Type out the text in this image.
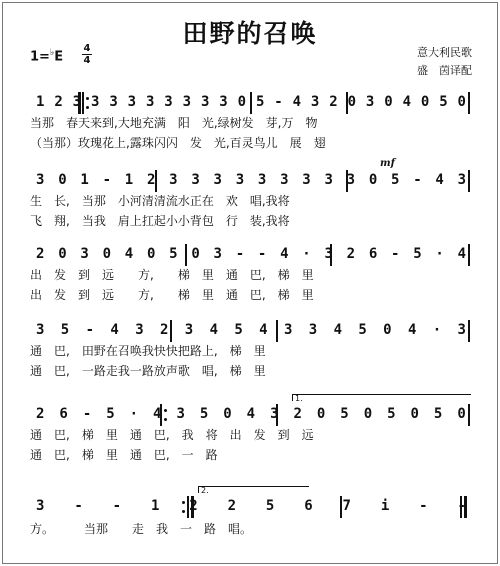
田野的召唤
1=♭E
4
4
意大利民歌
盛　茵译配
当那　春天来到,大地充满　阳　光,绿树发　芽,万　物
（当那）玫瑰花上,露珠闪闪　发　光,百灵鸟儿　展　翅
mf
生　长,　当那　小河清清流水正在　欢　唱,我将
飞　翔,　当我　肩上扛起小小背包　行　装,我将
出　发　到　远　　方,　　梯　里　通　巴,　梯　里
出　发　到　远　　方,　　梯　里　通　巴,　梯　里
通　巴,　田野在召唤我快快把路上,　梯　里
通　巴,　一路走我一路放声歌　唱,　梯　里
1.
通　巴,　梯　里　通　巴,　我　将　出　发　到　远
通　巴,　梯　里　通　巴,　一　路
2.
方。　　　当那　　走　我　一　路　唱。
1 2 3 3 3 3 3 3 3 3 3 0 5 - 4 3 2 0 3 0 4 0 5 0
3 0 1 - 1 2 3 3 3 3 3 3 3 3 3 0 5 - 4 3
2 0 3 0 4 0 5 0 3 - - 4 · 3 2 6 - 5 · 4
3 5 - 4 3 2 3 4 5 4 3 3 4 5 0 4 · 3
2 6 - 5 · 4 3 5 0 4 3 2 0 5 0 5 0 5 0
3 - - 1 2 2 5 6 7 i - -
